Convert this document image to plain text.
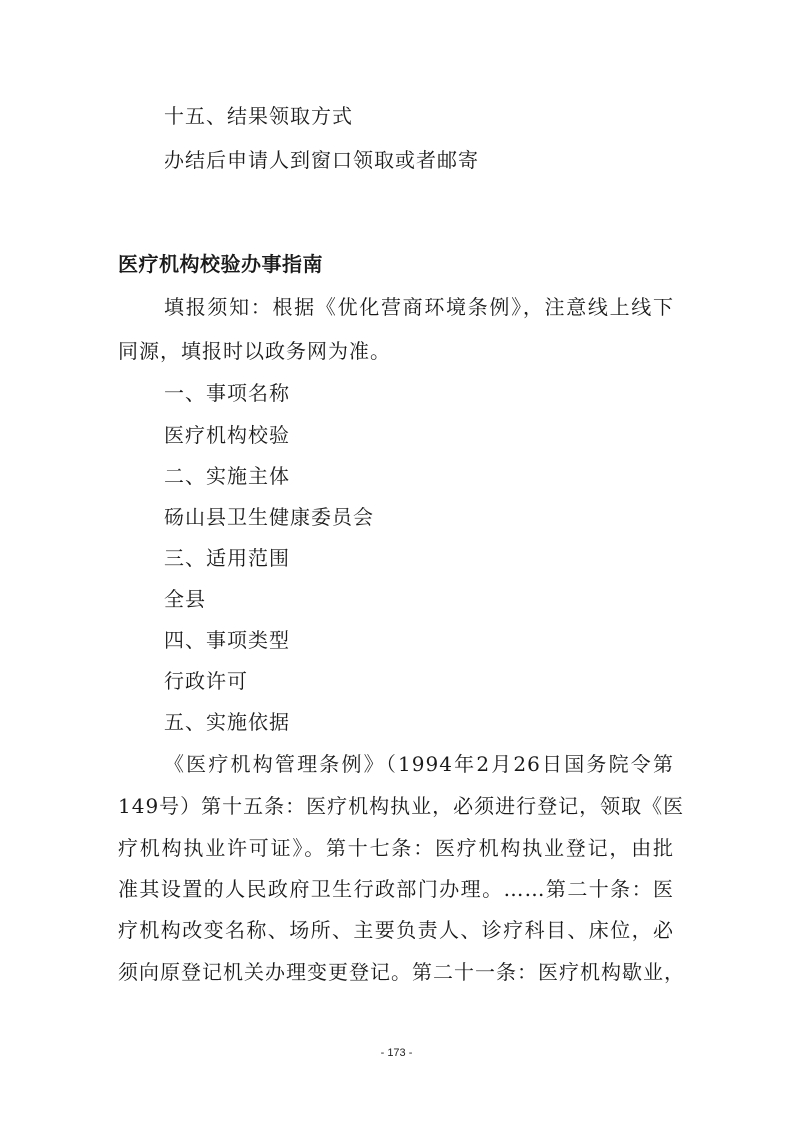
十五、结果领取方式
办结后申请人到窗口领取或者邮寄
医疗机构校验办事指南
填报须知：根据《优化营商环境条例》，注意线上线下
同源，填报时以政务网为准。
一、事项名称
医疗机构校验
二、实施主体
砀山县卫生健康委员会
三、适用范围
全县
四、事项类型
行政许可
五、实施依据
《医疗机构管理条例》（1994年2月26日国务院令第
149号）第十五条：医疗机构执业，必须进行登记，领取《医
疗机构执业许可证》。第十七条：医疗机构执业登记，由批
准其设置的人民政府卫生行政部门办理。……第二十条：医
疗机构改变名称、场所、主要负责人、诊疗科目、床位，必
须向原登记机关办理变更登记。第二十一条：医疗机构歇业，
- 173 -
